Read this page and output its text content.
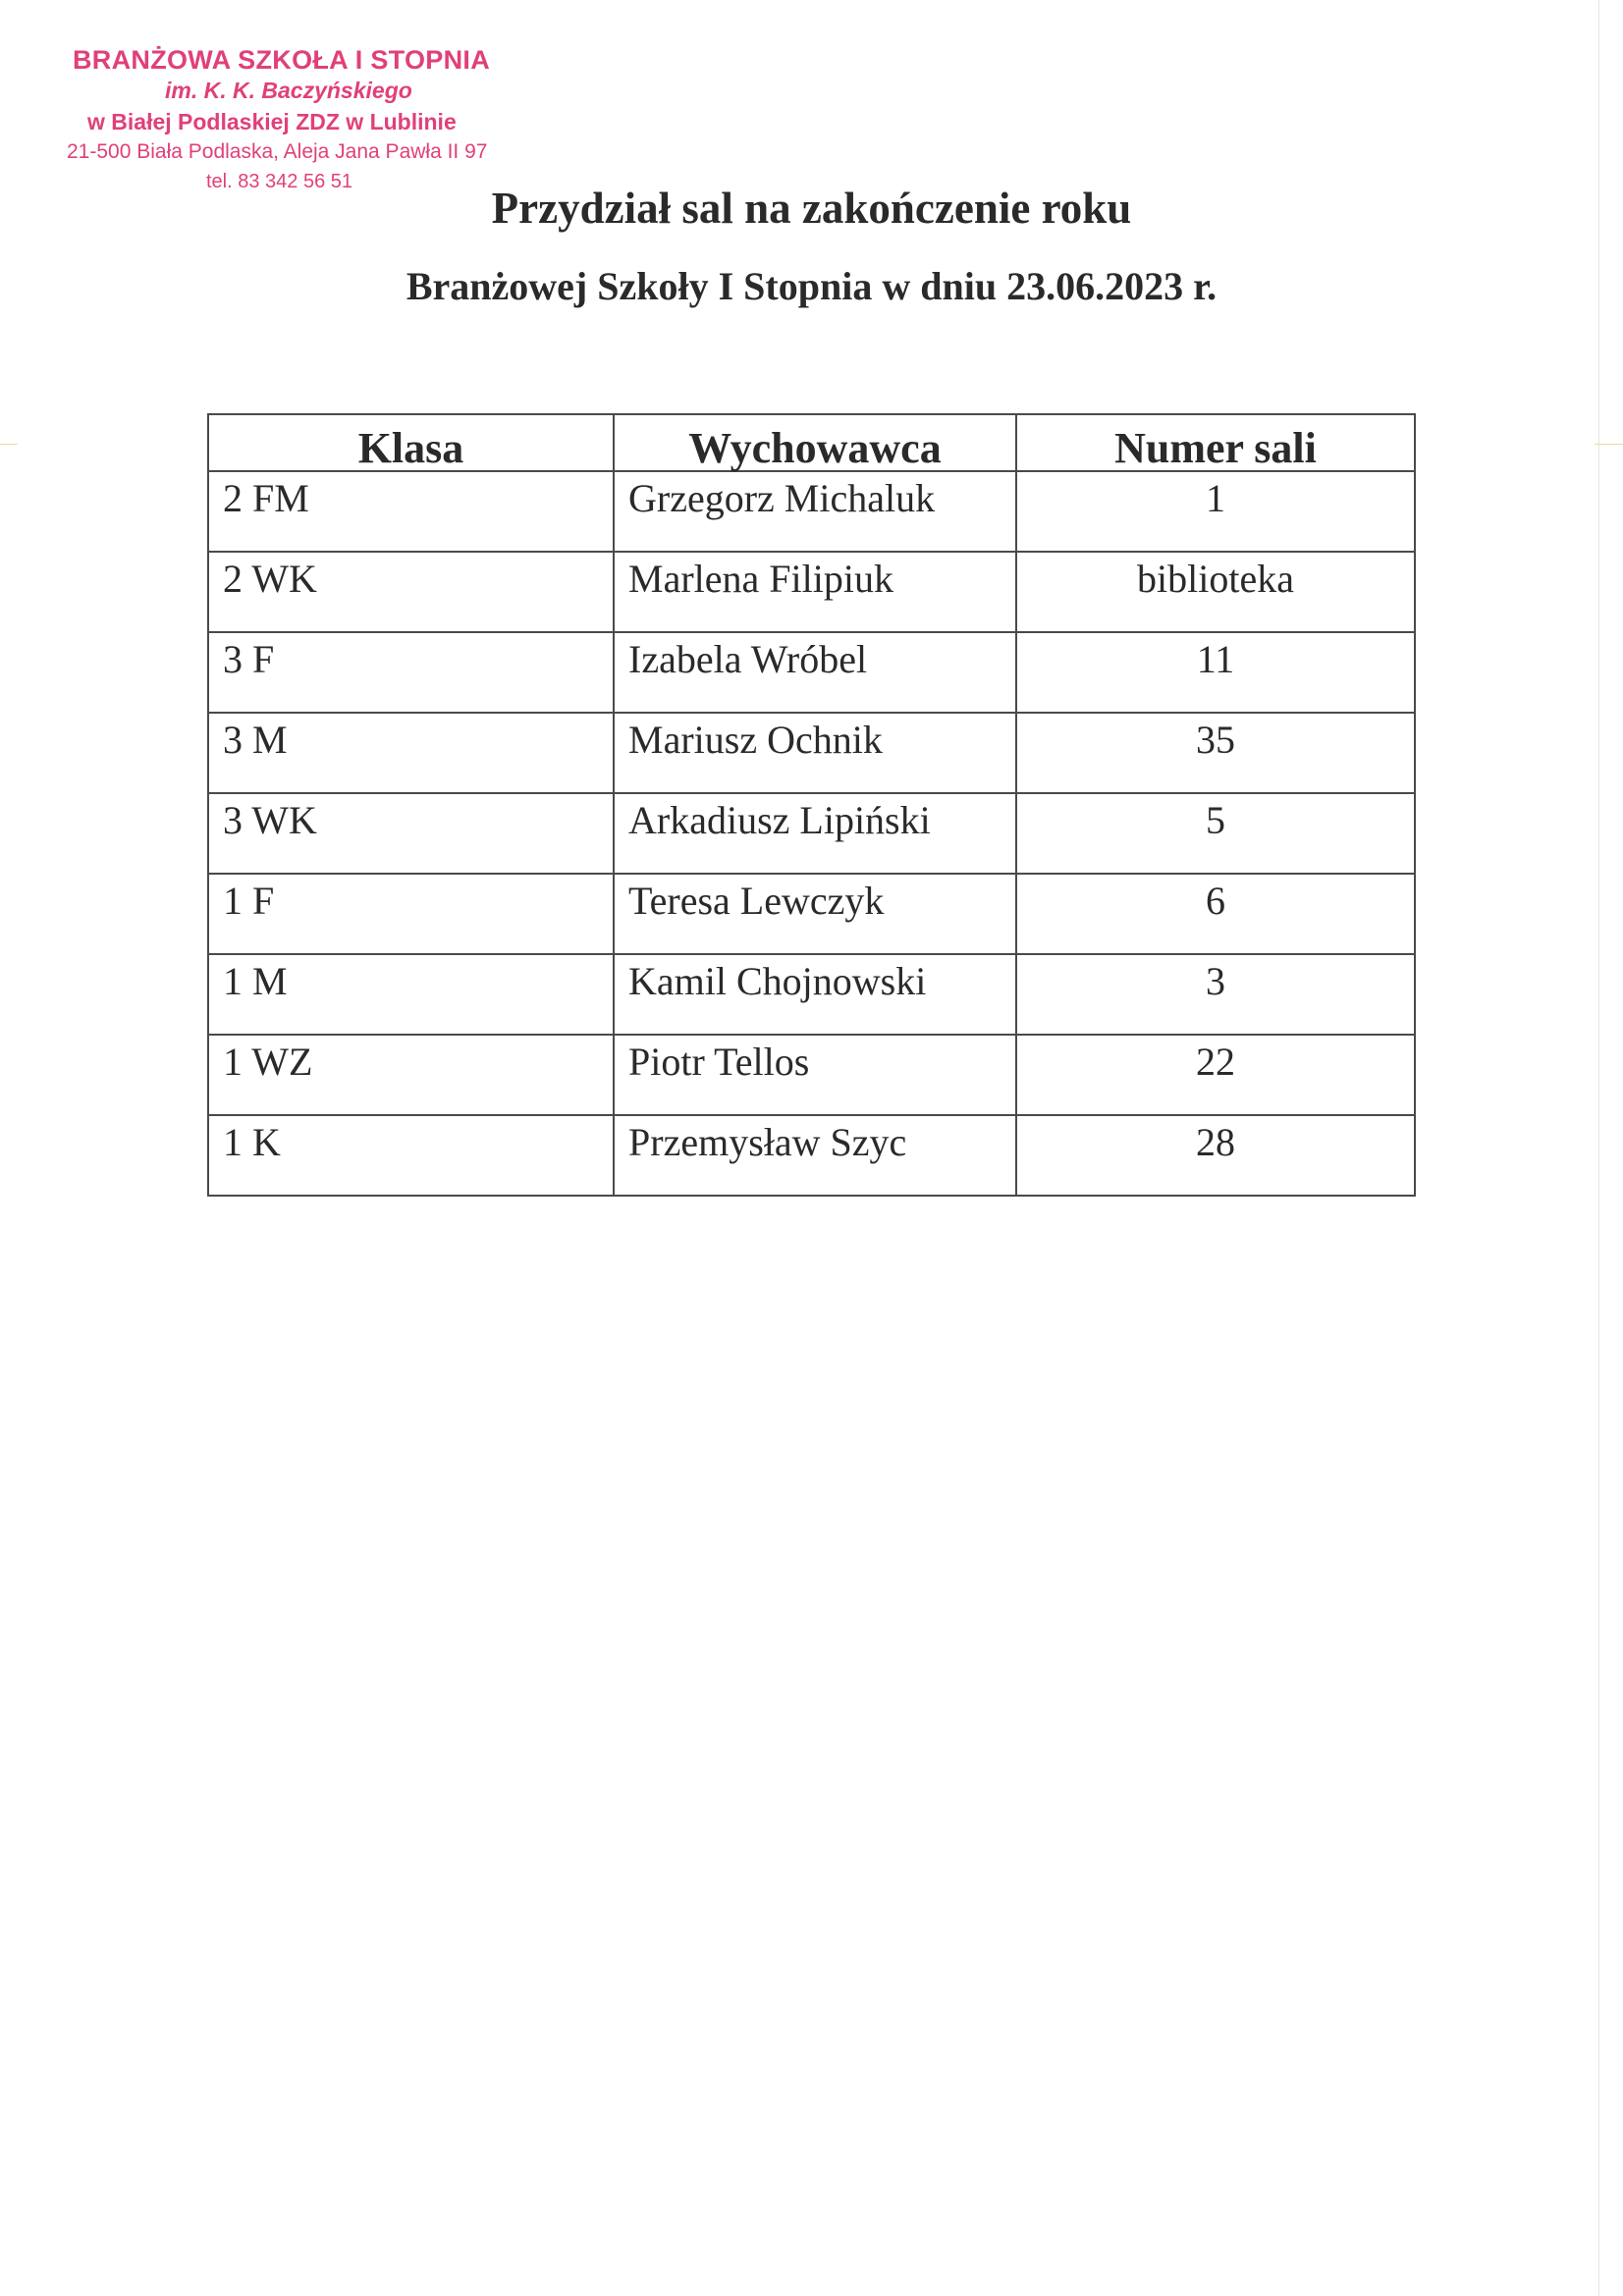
BRANŻOWA SZKOŁA I STOPNIA
im. K. K. Baczyńskiego
w Białej Podlaskiej ZDZ w Lublinie
21-500 Biała Podlaska, Aleja Jana Pawła II 97
tel. 83 342 56 51
Przydział sal na zakończenie roku
Branżowej Szkoły I Stopnia w dniu 23.06.2023 r.
Klasa	Wychowawca	Numer sali
2 FM	Grzegorz Michaluk	1
2 WK	Marlena Filipiuk	biblioteka
3 F	Izabela Wróbel	11
3 M	Mariusz Ochnik	35
3 WK	Arkadiusz Lipiński	5
1 F	Teresa Lewczyk	6
1 M	Kamil Chojnowski	3
1 WZ	Piotr Tellos	22
1 K	Przemysław Szyc	28
